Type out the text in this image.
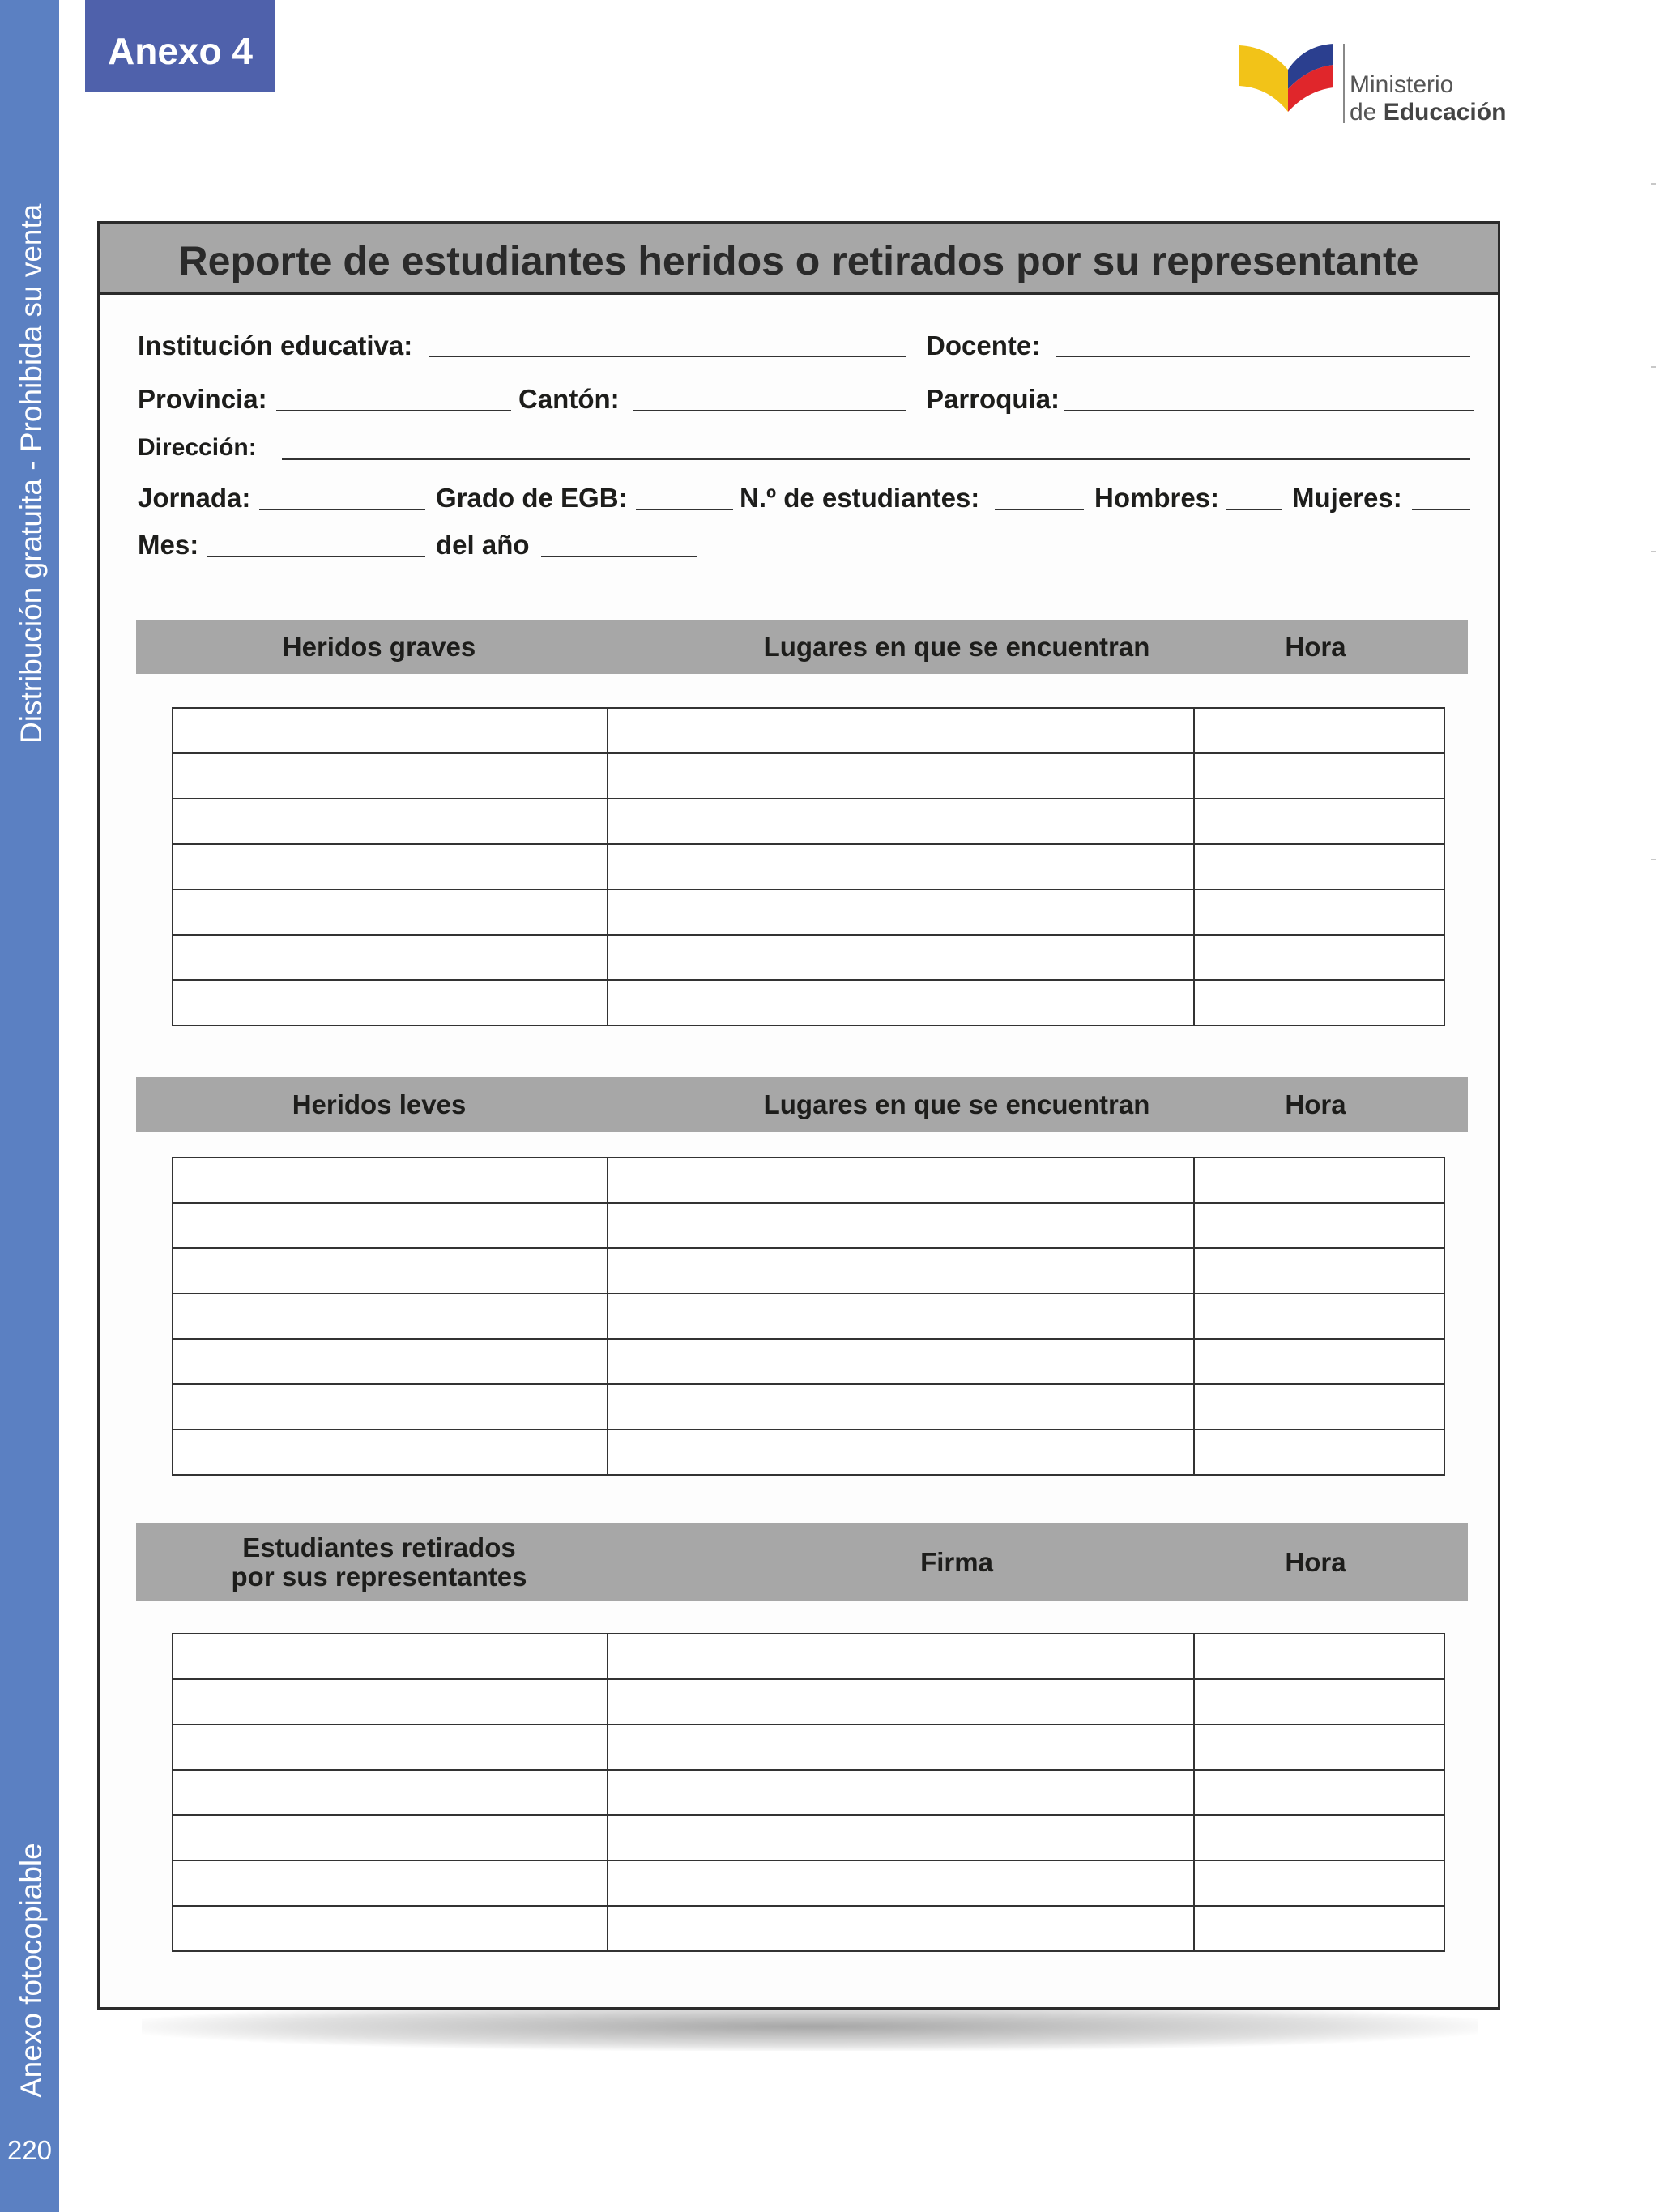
Distribución gratuita - Prohibida su venta
Anexo fotocopiable
220
Anexo 4
Ministerio
de Educación
Reporte de estudiantes heridos o retirados por su representante
Institución educativa:	Docente:
Provincia:	Cantón:	Parroquia:
Dirección:
Jornada:	Grado de EGB:	N.º de estudiantes:	Hombres:	Mujeres:
Mes:	del año
Heridos graves	Lugares en que se encuentran	Hora

Heridos leves	Lugares en que se encuentran	Hora

Estudiantes retirados
por sus representantes	Firma	Hora
